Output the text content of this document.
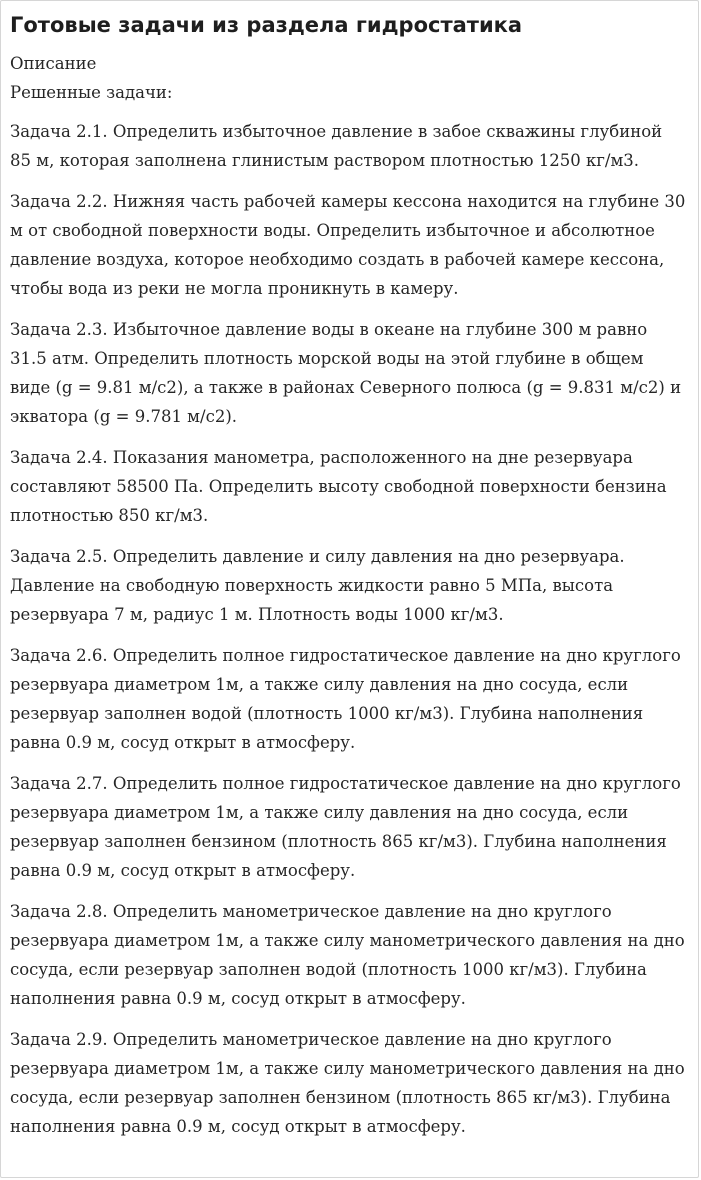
Готовые задачи из раздела гидростатика

Описание

Решенные задачи:

Задача 2.1. Определить избыточное давление в забое скважины глубиной 85 м, которая заполнена глинистым раствором плотностью 1250 кг/м3.

Задача 2.2. Нижняя часть рабочей камеры кессона находится на глубине 30 м от свободной поверхности воды. Определить избыточное и абсолютное давление воздуха, которое необходимо создать в рабочей камере кессона, чтобы вода из реки не могла проникнуть в камеру.

Задача 2.3. Избыточное давление воды в океане на глубине 300 м равно 31.5 атм. Определить плотность морской воды на этой глубине в общем виде (g = 9.81 м/с2), а также в районах Северного полюса (g = 9.831 м/с2) и экватора (g = 9.781 м/с2).

Задача 2.4. Показания манометра, расположенного на дне резервуара составляют 58500 Па. Определить высоту свободной поверхности бензина плотностью 850 кг/м3.

Задача 2.5. Определить давление и силу давления на дно резервуара. Давление на свободную поверхность жидкости равно 5 МПа, высота резервуара 7 м, радиус 1 м. Плотность воды 1000 кг/м3.

Задача 2.6. Определить полное гидростатическое давление на дно круглого резервуара диаметром 1м, а также силу давления на дно сосуда, если резервуар заполнен водой (плотность 1000 кг/м3). Глубина наполнения равна 0.9 м, сосуд открыт в атмосферу.

Задача 2.7. Определить полное гидростатическое давление на дно круглого резервуара диаметром 1м, а также силу давления на дно сосуда, если резервуар заполнен бензином (плотность 865 кг/м3). Глубина наполнения равна 0.9 м, сосуд открыт в атмосферу.

Задача 2.8. Определить манометрическое давление на дно круглого резервуара диаметром 1м, а также силу манометрического давления на дно сосуда, если резервуар заполнен водой (плотность 1000 кг/м3). Глубина наполнения равна 0.9 м, сосуд открыт в атмосферу.

Задача 2.9. Определить манометрическое давление на дно круглого резервуара диаметром 1м, а также силу манометрического давления на дно сосуда, если резервуар заполнен бензином (плотность 865 кг/м3). Глубина наполнения равна 0.9 м, сосуд открыт в атмосферу.
